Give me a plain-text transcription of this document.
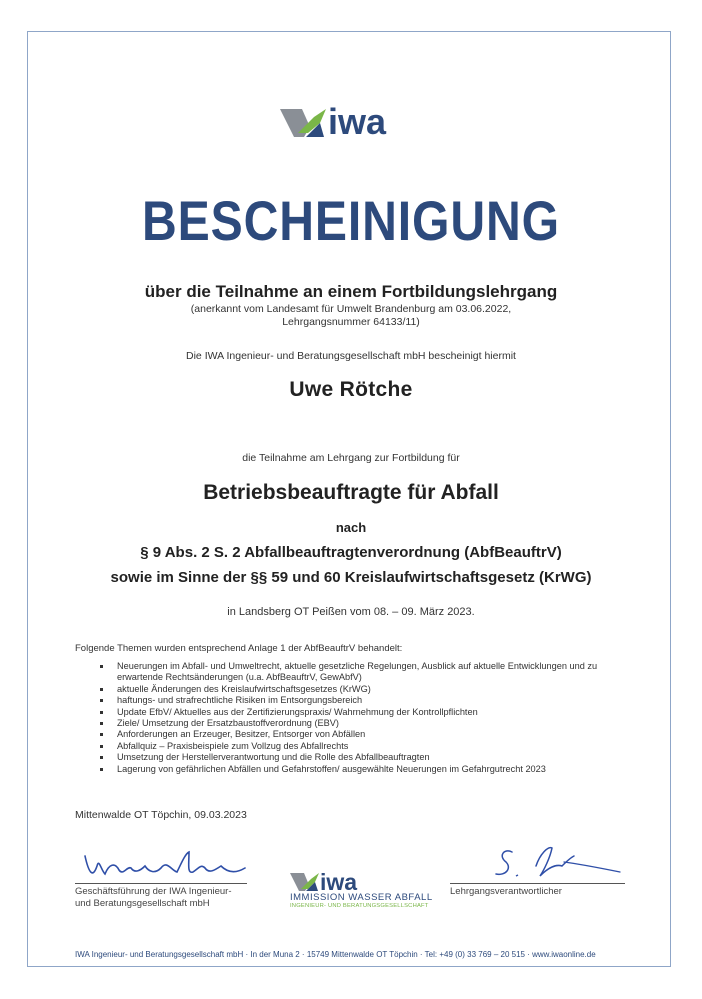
iwa
BESCHEINIGUNG
über die Teilnahme an einem Fortbildungslehrgang
(anerkannt vom Landesamt für Umwelt Brandenburg am 03.06.2022,
Lehrgangsnummer 64133/11)
Die IWA Ingenieur- und Beratungsgesellschaft mbH bescheinigt hiermit
Uwe Rötche
die Teilnahme am Lehrgang zur Fortbildung für
Betriebsbeauftragte für Abfall
nach
§ 9 Abs. 2 S. 2 Abfallbeauftragtenverordnung (AbfBeauftrV)
sowie im Sinne der §§ 59 und 60 Kreislaufwirtschaftsgesetz (KrWG)
in Landsberg OT Peißen vom 08. – 09. März 2023.
Folgende Themen wurden entsprechend Anlage 1 der AbfBeauftrV behandelt:
Neuerungen im Abfall- und Umweltrecht, aktuelle gesetzliche Regelungen, Ausblick auf aktuelle Entwicklungen und zu erwartende Rechtsänderungen (u.a. AbfBeauftrV, GewAbfV)
aktuelle Änderungen des Kreislaufwirtschaftsgesetzes (KrWG)
haftungs- und strafrechtliche Risiken im Entsorgungsbereich
Update EfbV/ Aktuelles aus der Zertifizierungspraxis/ Wahrnehmung der Kontrollpflichten
Ziele/ Umsetzung der Ersatzbaustoffverordnung (EBV)
Anforderungen an Erzeuger, Besitzer, Entsorger von Abfällen
Abfallquiz – Praxisbeispiele zum Vollzug des Abfallrechts
Umsetzung der Herstellerverantwortung und die Rolle des Abfallbeauftragten
Lagerung von gefährlichen Abfällen und Gefahrstoffen/ ausgewählte Neuerungen im Gefahrgutrecht 2023
Mittenwalde OT Töpchin, 09.03.2023
Geschäftsführung der IWA Ingenieur-
und Beratungsgesellschaft mbH
Lehrgangsverantwortlicher
iwa
IMMISSION WASSER ABFALL
INGENIEUR- UND BERATUNGSGESELLSCHAFT
IWA Ingenieur- und Beratungsgesellschaft mbH · In der Muna 2 · 15749 Mittenwalde OT Töpchin · Tel: +49 (0) 33 769 – 20 515 · www.iwaonline.de
